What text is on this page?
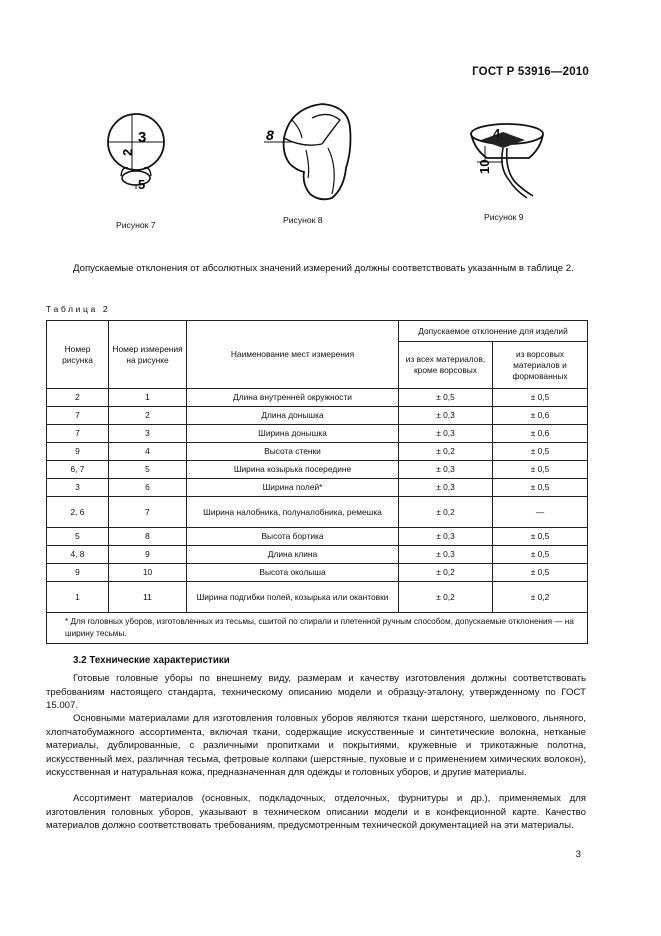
ГОСТ Р 53916—2010
3
2
5
Рисунок 7
8
Рисунок 8
4
10
Рисунок 9

Допускаемые отклонения от абсолютных значений измерений должны соответствовать указанным в таблице 2.

Таблица 2
Номер рисунка	Номер измерения на рисунке	Наименование мест измерения	Допускаемое отклонение для изделий	
			из всех материалов, кроме ворсовых	из ворсовых материалов и формованных
2	1	Длина внутренней окружности	± 0,5	± 0,5
7	2	Длина донышка	± 0,3	± 0,6
7	3	Ширина донышка	± 0,3	± 0,6
9	4	Высота стенки	± 0,2	± 0,5
6, 7	5	Ширина козырька посередине	± 0,3	± 0,5
3	6	Ширина полей*	± 0,3	± 0,5
2, 6	7	Ширина налобника, полуналобника, ремешка	± 0,2	—
5	8	Высота бортика	± 0,3	± 0,5
4, 8	9	Длина клина	± 0,3	± 0,5
9	10	Высота околыша	± 0,2	± 0,5
1	11	Ширина подгибки полей, козырька или окантовки	± 0,2	± 0,2
* Для головных уборов, изготовленных из тесьмы, сшитой по спирали и плетенной ручным способом, допускаемые отклонения — на ширину тесьмы.				
3.2 Технические характеристики

Готовые головные уборы по внешнему виду, размерам и качеству изготовления должны соответствовать требованиям настоящего стандарта, техническому описанию модели и образцу-эталону, утвержденному по ГОСТ 15.007.

Основными материалами для изготовления головных уборов являются ткани шерстяного, шелкового, льняного, хлопчатобумажного ассортимента, включая ткани, содержащие искусственные и синтетические волокна, нетканые материалы, дублированные, с различными пропитками и покрытиями, кружевные и трикотажные полотна, искусственный мех, различная тесьма, фетровые колпаки (шерстяные, пуховые и с применением химических волокон), искусственная и натуральная кожа, предназначенная для одежды и головных уборов, и другие материалы.

Ассортимент материалов (основных, подкладочных, отделочных, фурнитуры и др.), применяемых для изготовления головных уборов, указывают в техническом описании модели и в конфекционной карте. Качество материалов должно соответствовать требованиям, предусмотренным технической документацией на эти материалы.

3
